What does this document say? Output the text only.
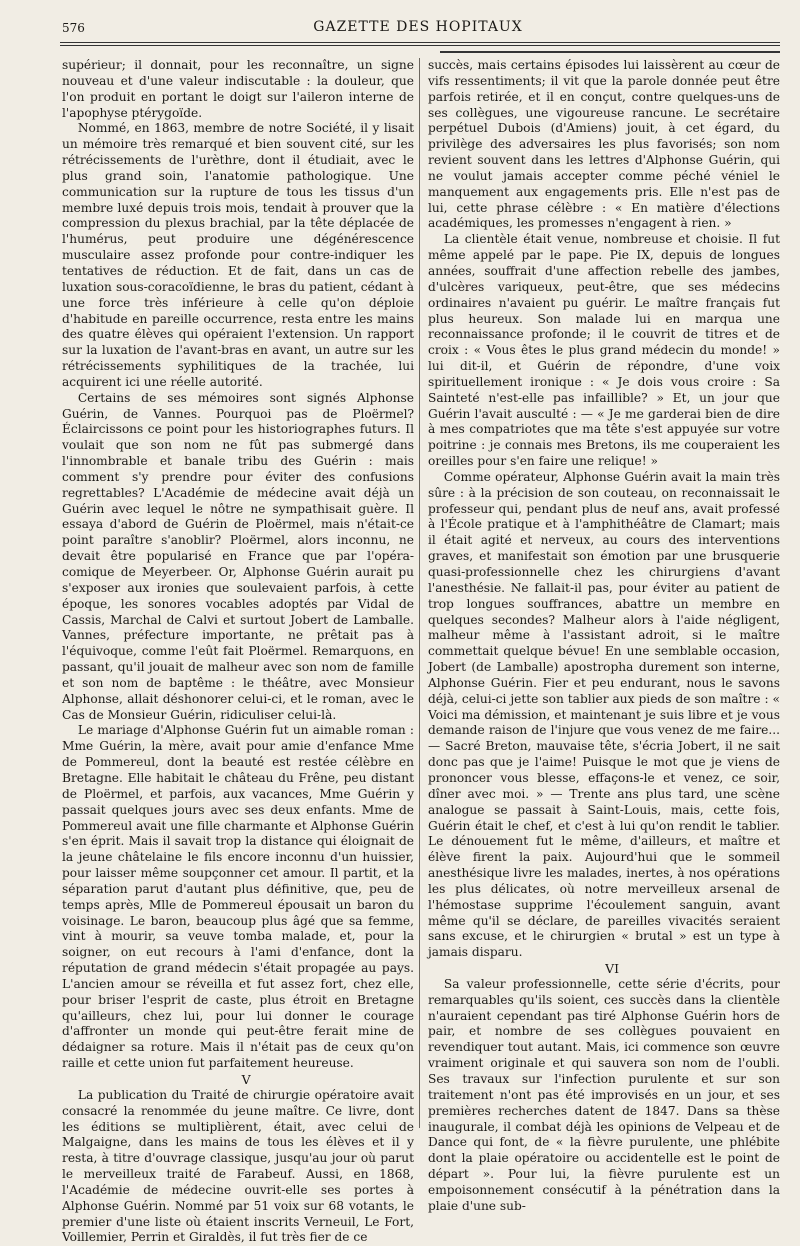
576	GAZETTE DES HOPITAUX

supérieur; il donnait, pour les reconnaître, un signe nouveau et d'une valeur indiscutable : la douleur, que l'on produit en portant le doigt sur l'aileron interne de l'apophyse ptérygoïde.

Nommé, en 1863, membre de notre Société, il y lisait un mémoire très remarqué et bien souvent cité, sur les rétrécissements de l'urèthre, dont il étudiait, avec le plus grand soin, l'anatomie pathologique. Une communication sur la rupture de tous les tissus d'un membre luxé depuis trois mois, tendait à prouver que la compression du plexus brachial, par la tête déplacée de l'humérus, peut produire une dégénérescence musculaire assez profonde pour contre-indiquer les tentatives de réduction. Et de fait, dans un cas de luxation sous-coracoïdienne, le bras du patient, cédant à une force très inférieure à celle qu'on déploie d'habitude en pareille occurrence, resta entre les mains des quatre élèves qui opéraient l'extension. Un rapport sur la luxation de l'avant-bras en avant, un autre sur les rétrécissements syphilitiques de la trachée, lui acquirent ici une réelle autorité.

Certains de ses mémoires sont signés Alphonse Guérin, de Vannes. Pourquoi pas de Ploërmel? Éclaircissons ce point pour les historiographes futurs. Il voulait que son nom ne fût pas submergé dans l'innombrable et banale tribu des Guérin : mais comment s'y prendre pour éviter des confusions regrettables? L'Académie de médecine avait déjà un Guérin avec lequel le nôtre ne sympathisait guère. Il essaya d'abord de Guérin de Ploërmel, mais n'était-ce point paraître s'anoblir? Ploërmel, alors inconnu, ne devait être popularisé en France que par l'opéra-comique de Meyerbeer. Or, Alphonse Guérin aurait pu s'exposer aux ironies que soulevaient parfois, à cette époque, les sonores vocables adoptés par Vidal de Cassis, Marchal de Calvi et surtout Jobert de Lamballe. Vannes, préfecture importante, ne prêtait pas à l'équivoque, comme l'eût fait Ploërmel. Remarquons, en passant, qu'il jouait de malheur avec son nom de famille et son nom de baptême : le théâtre, avec Monsieur Alphonse, allait déshonorer celui-ci, et le roman, avec le Cas de Monsieur Guérin, ridiculiser celui-là.

Le mariage d'Alphonse Guérin fut un aimable roman : Mme Guérin, la mère, avait pour amie d'enfance Mme de Pommereul, dont la beauté est restée célèbre en Bretagne. Elle habitait le château du Frêne, peu distant de Ploërmel, et parfois, aux vacances, Mme Guérin y passait quelques jours avec ses deux enfants. Mme de Pommereul avait une fille charmante et Alphonse Guérin s'en éprit. Mais il savait trop la distance qui éloignait de la jeune châtelaine le fils encore inconnu d'un huissier, pour laisser même soupçonner cet amour. Il partit, et la séparation parut d'autant plus définitive, que, peu de temps après, Mlle de Pommereul épousait un baron du voisinage. Le baron, beaucoup plus âgé que sa femme, vint à mourir, sa veuve tomba malade, et, pour la soigner, on eut recours à l'ami d'enfance, dont la réputation de grand médecin s'était propagée au pays. L'ancien amour se réveilla et fut assez fort, chez elle, pour briser l'esprit de caste, plus étroit en Bretagne qu'ailleurs, chez lui, pour lui donner le courage d'affronter un monde qui peut-être ferait mine de dédaigner sa roture. Mais il n'était pas de ceux qu'on raille et cette union fut parfaitement heureuse.

V

La publication du Traité de chirurgie opératoire avait consacré la renommée du jeune maître. Ce livre, dont les éditions se multiplièrent, était, avec celui de Malgaigne, dans les mains de tous les élèves et il y resta, à titre d'ouvrage classique, jusqu'au jour où parut le merveilleux traité de Farabeuf. Aussi, en 1868, l'Académie de médecine ouvrit-elle ses portes à Alphonse Guérin. Nommé par 51 voix sur 68 votants, le premier d'une liste où étaient inscrits Verneuil, Le Fort, Voillemier, Perrin et Giraldès, il fut très fier de ce

succès, mais certains épisodes lui laissèrent au cœur de vifs ressentiments; il vit que la parole donnée peut être parfois retirée, et il en conçut, contre quelques-uns de ses collègues, une vigoureuse rancune. Le secrétaire perpétuel Dubois (d'Amiens) jouit, à cet égard, du privilège des adversaires les plus favorisés; son nom revient souvent dans les lettres d'Alphonse Guérin, qui ne voulut jamais accepter comme péché véniel le manquement aux engagements pris. Elle n'est pas de lui, cette phrase célèbre : « En matière d'élections académiques, les promesses n'engagent à rien. »

La clientèle était venue, nombreuse et choisie. Il fut même appelé par le pape. Pie IX, depuis de longues années, souffrait d'une affection rebelle des jambes, d'ulcères variqueux, peut-être, que ses médecins ordinaires n'avaient pu guérir. Le maître français fut plus heureux. Son malade lui en marqua une reconnaissance profonde; il le couvrit de titres et de croix : « Vous êtes le plus grand médecin du monde! » lui dit-il, et Guérin de répondre, d'une voix spirituellement ironique : « Je dois vous croire : Sa Sainteté n'est-elle pas infaillible? » Et, un jour que Guérin l'avait ausculté : — « Je me garderai bien de dire à mes compatriotes que ma tête s'est appuyée sur votre poitrine : je connais mes Bretons, ils me couperaient les oreilles pour s'en faire une relique! »

Comme opérateur, Alphonse Guérin avait la main très sûre : à la précision de son couteau, on reconnaissait le professeur qui, pendant plus de neuf ans, avait professé à l'École pratique et à l'amphithéâtre de Clamart; mais il était agité et nerveux, au cours des interventions graves, et manifestait son émotion par une brusquerie quasi-professionnelle chez les chirurgiens d'avant l'anesthésie. Ne fallait-il pas, pour éviter au patient de trop longues souffrances, abattre un membre en quelques secondes? Malheur alors à l'aide négligent, malheur même à l'assistant adroit, si le maître commettait quelque bévue! En une semblable occasion, Jobert (de Lamballe) apostropha durement son interne, Alphonse Guérin. Fier et peu endurant, nous le savons déjà, celui-ci jette son tablier aux pieds de son maître : « Voici ma démission, et maintenant je suis libre et je vous demande raison de l'injure que vous venez de me faire... — Sacré Breton, mauvaise tête, s'écria Jobert, il ne sait donc pas que je l'aime! Puisque le mot que je viens de prononcer vous blesse, effaçons-le et venez, ce soir, dîner avec moi. » — Trente ans plus tard, une scène analogue se passait à Saint-Louis, mais, cette fois, Guérin était le chef, et c'est à lui qu'on rendit le tablier. Le dénouement fut le même, d'ailleurs, et maître et élève firent la paix. Aujourd'hui que le sommeil anesthésique livre les malades, inertes, à nos opérations les plus délicates, où notre merveilleux arsenal de l'hémostase supprime l'écoulement sanguin, avant même qu'il se déclare, de pareilles vivacités seraient sans excuse, et le chirurgien « brutal » est un type à jamais disparu.

VI

Sa valeur professionnelle, cette série d'écrits, pour remarquables qu'ils soient, ces succès dans la clientèle n'auraient cependant pas tiré Alphonse Guérin hors de pair, et nombre de ses collègues pouvaient en revendiquer tout autant. Mais, ici commence son œuvre vraiment originale et qui sauvera son nom de l'oubli. Ses travaux sur l'infection purulente et sur son traitement n'ont pas été improvisés en un jour, et ses premières recherches datent de 1847. Dans sa thèse inaugurale, il combat déjà les opinions de Velpeau et de Dance qui font, de « la fièvre purulente, une phlébite dont la plaie opératoire ou accidentelle est le point de départ ». Pour lui, la fièvre purulente est un empoisonnement consécutif à la pénétration dans la plaie d'une sub-
